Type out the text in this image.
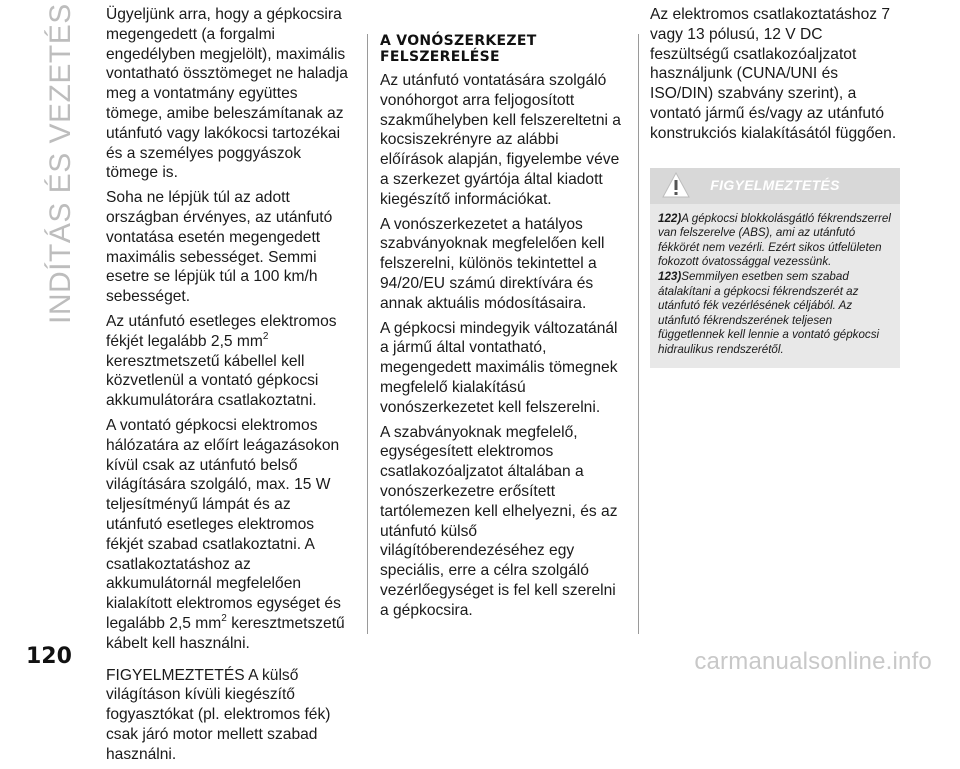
INDÍTÁS ÉS VEZETÉS Ügyeljünk arra, hogy a gépkocsira megengedett (a forgalmi engedélyben megjelölt), maximális vontatható össztömeget ne haladja meg a vontatmány együttes tömege, amibe beleszámítanak az utánfutó vagy lakókocsi tartozékai és a személyes poggyászok tömege is.

Soha ne lépjük túl az adott országban érvényes, az utánfutó vontatása esetén megengedett maximális sebességet. Semmi esetre se lépjük túl a 100 km/h sebességet.

Az utánfutó esetleges elektromos fékjét legalább 2,5 $mm^2$ keresztmetszetű kábellel kell közvetlenül a vontató gépkocsi akkumulátorára csatlakoztatni.

A vontató gépkocsi elektromos hálózatára az előírt leágazásokon kívül csak az utánfutó belső világítására szolgáló, max. 15 W teljesítményű lámpát és az utánfutó esetleges elektromos fékjét szabad csatlakoztatni. A csatlakoztatáshoz az akkumulátornál megfelelően kialakított elektromos egységet és legalább 2,5 $mm^2$ keresztmetszetű kábelt kell használni.

FIGYELMEZTETÉS A külső világításon kívüli kiegészítő fogyasztókat (pl. elektromos fék) csak járó motor mellett szabad használni.

A VONÓSZERKEZET FELSZERELÉSE

Az utánfutó vontatására szolgáló vonóhorgot arra feljogosított szakműhelyben kell felszereltetni a kocsiszekrényre az alábbi előírások alapján, figyelembe véve a szerkezet gyártója által kiadott kiegészítő információkat.

A vonószerkezetet a hatályos szabványoknak megfelelően kell felszerelni, különös tekintettel a 94/20/EU számú direktívára és annak aktuális módosításaira.

A gépkocsi mindegyik változatánál a jármű által vontatható, megengedett maximális tömegnek megfelelő kialakítású vonószerkezetet kell felszerelni.

A szabványoknak megfelelő, egységesített elektromos csatlakozóaljzatot általában a vonószerkezetre erősített tartólemezen kell elhelyezni, és az utánfutó külső világítóberendezéséhez egy speciális, erre a célra szolgáló vezérlőegységet is fel kell szerelni a gépkocsira.

Az elektromos csatlakoztatáshoz 7 vagy 13 pólusú, 12 V DC feszültségű csatlakozóaljzatot használjunk (CUNA/UNI és ISO/DIN) szabvány szerint), a vontató jármű és/vagy az utánfutó konstrukciós kialakításától függően.

FIGYELMEZTETÉS
122)A gépkocsi blokkolásgátló fékrendszerrel van felszerelve (ABS), ami az utánfutó fékkörét nem vezérli. Ezért sikos útfelületen fokozott óvatossággal vezessünk.
123)Semmilyen esetben sem szabad átalakítani a gépkocsi fékrendszerét az utánfutó fék vezérlésének céljából. Az utánfutó fékrendszerének teljesen függetlennek kell lennie a vontató gépkocsi hidraulikus rendszerétől.
120	carmanualsonline.info
